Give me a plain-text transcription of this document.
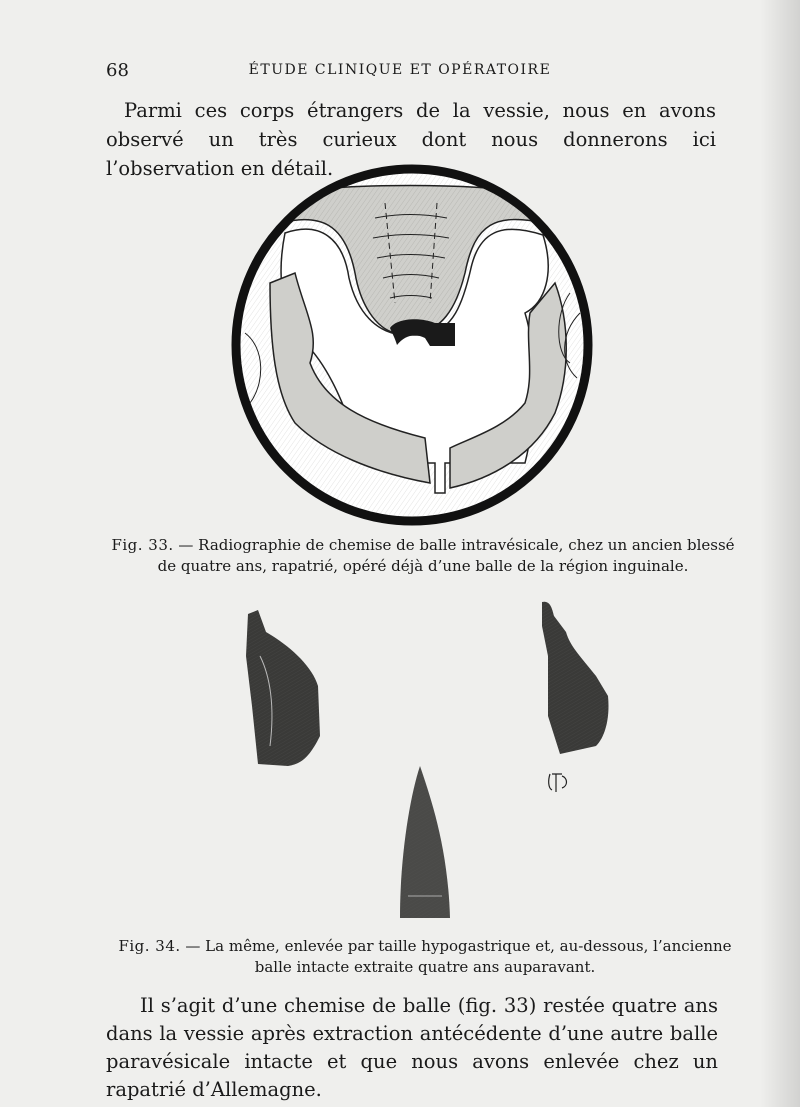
68	ÉTUDE CLINIQUE ET OPÉRATOIRE

Parmi ces corps étrangers de la vessie, nous en avons observé un très curieux dont nous donnerons ici l’observation en détail.

Fig. 33. — Radiographie de chemise de balle intravésicale, chez un ancien blessé de quatre ans, rapatrié, opéré déjà d’une balle de la région inguinale.

Fig. 34. — La même, enlevée par taille hypogastrique et, au-dessous, l’ancienne balle intacte extraite quatre ans auparavant.

Il s’agit d’une chemise de balle (fig. 33) restée quatre ans dans la vessie après extraction antécédente d’une autre balle paravésicale intacte et que nous avons enlevée chez un rapatrié d’Allemagne.
